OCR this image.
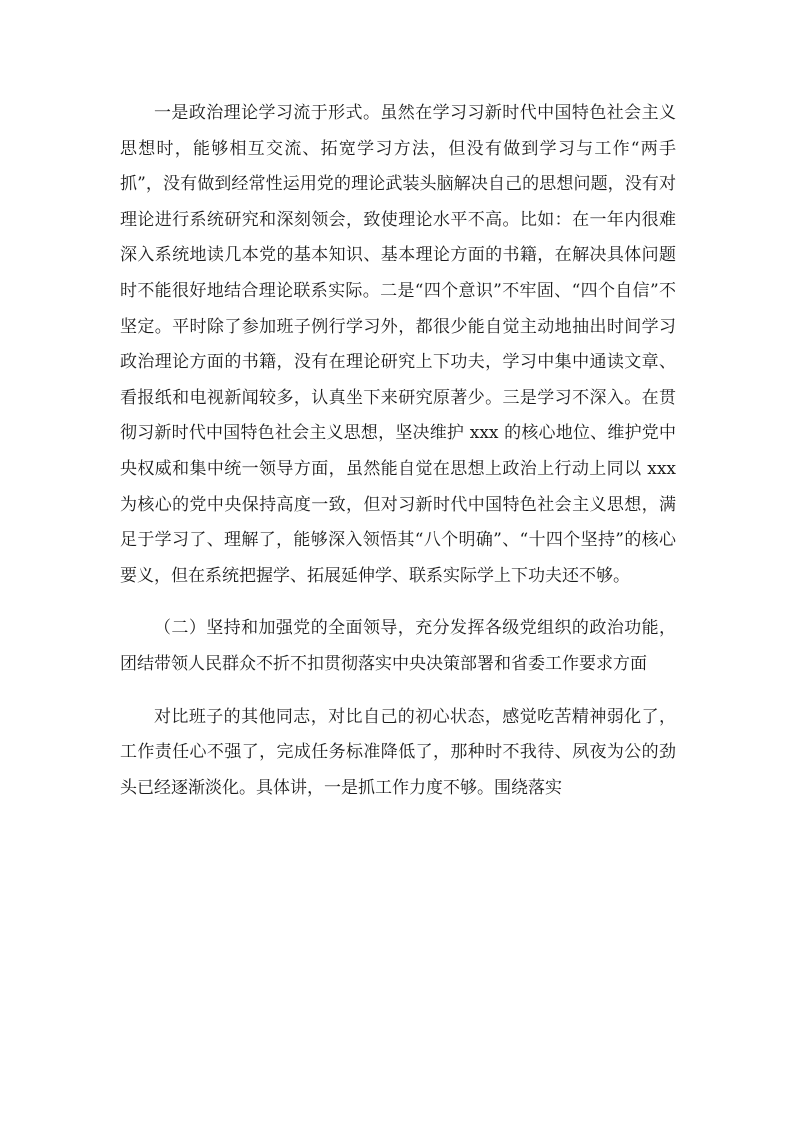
一是政治理论学习流于形式。虽然在学习习新时代中国特色社会主义思想时，能够相互交流、拓宽学习方法，但没有做到学习与工作“两手抓”，没有做到经常性运用党的理论武装头脑解决自己的思想问题，没有对理论进行系统研究和深刻领会，致使理论水平不高。比如：在一年内很难深入系统地读几本党的基本知识、基本理论方面的书籍，在解决具体问题时不能很好地结合理论联系实际。二是“四个意识”不牢固、“四个自信”不坚定。平时除了参加班子例行学习外，都很少能自觉主动地抽出时间学习政治理论方面的书籍，没有在理论研究上下功夫，学习中集中通读文章、看报纸和电视新闻较多，认真坐下来研究原著少。三是学习不深入。在贯彻习新时代中国特色社会主义思想，坚决维护 xxx 的核心地位、维护党中央权威和集中统一领导方面，虽然能自觉在思想上政治上行动上同以 xxx 为核心的党中央保持高度一致，但对习新时代中国特色社会主义思想，满足于学习了、理解了，能够深入领悟其“八个明确”、“十四个坚持”的核心要义，但在系统把握学、拓展延伸学、联系实际学上下功夫还不够。

（二）坚持和加强党的全面领导，充分发挥各级党组织的政治功能，团结带领人民群众不折不扣贯彻落实中央决策部署和省委工作要求方面

对比班子的其他同志，对比自己的初心状态，感觉吃苦精神弱化了，工作责任心不强了，完成任务标准降低了，那种时不我待、夙夜为公的劲头已经逐渐淡化。具体讲，一是抓工作力度不够。围绕落实
